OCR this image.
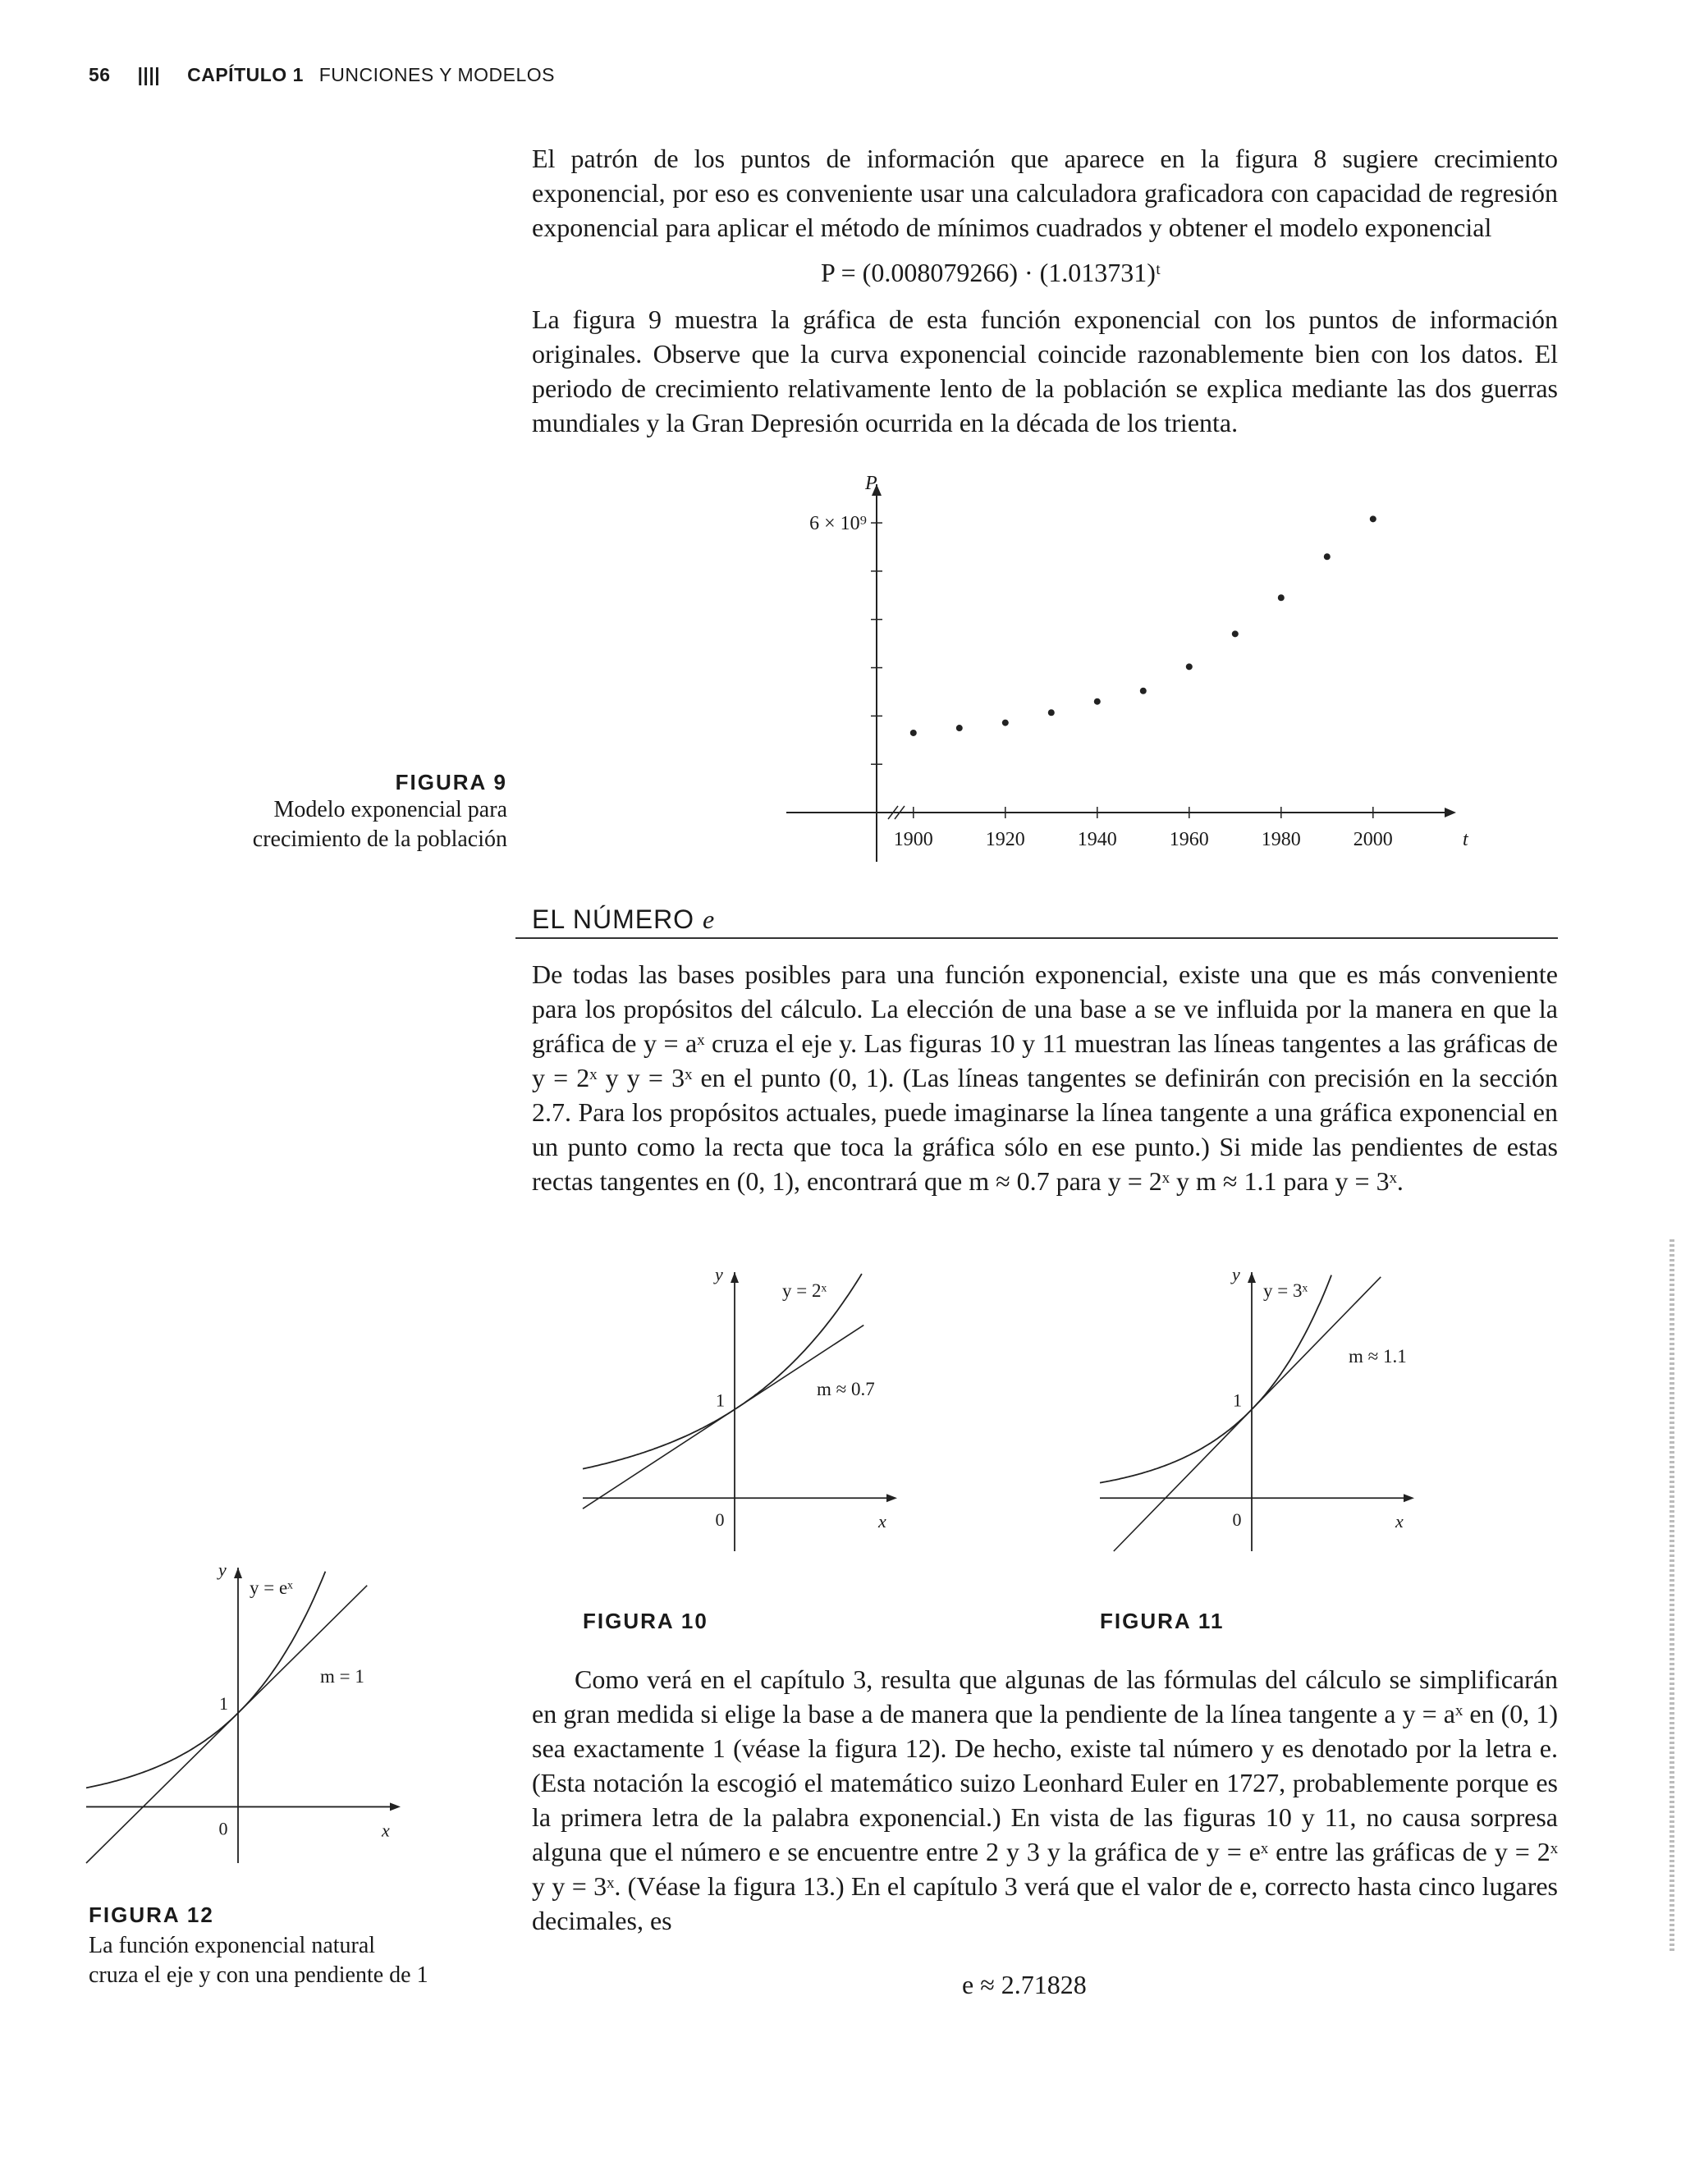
56 |||| CAPÍTULO 1 FUNCIONES Y MODELOS
El patrón de los puntos de información que aparece en la figura 8 sugiere crecimiento exponencial, por eso es conveniente usar una calculadora graficadora con capacidad de regresión exponencial para aplicar el método de mínimos cuadrados y obtener el modelo exponencial
P = (0.008079266) · (1.013731)ᵗ
La figura 9 muestra la gráfica de esta función exponencial con los puntos de información originales. Observe que la curva exponencial coincide razonablemente bien con los datos. El periodo de crecimiento relativamente lento de la población se explica mediante las dos guerras mundiales y la Gran Depresión ocurrida en la década de los trienta.
6 × 10⁹
P
1900	1920	1940	1960	1980	2000	t
FIGURA 9
Modelo exponencial para
crecimiento de la población
EL NÚMERO e
De todas las bases posibles para una función exponencial, existe una que es más conveniente para los propósitos del cálculo. La elección de una base a se ve influida por la manera en que la gráfica de y = aˣ cruza el eje y. Las figuras 10 y 11 muestran las líneas tangentes a las gráficas de y = 2ˣ y y = 3ˣ en el punto (0, 1). (Las líneas tangentes se definirán con precisión en la sección 2.7. Para los propósitos actuales, puede imaginarse la línea tangente a una gráfica exponencial en un punto como la recta que toca la gráfica sólo en ese punto.) Si mide las pendientes de estas rectas tangentes en (0, 1), encontrará que m ≈ 0.7 para y = 2ˣ y m ≈ 1.1 para y = 3ˣ.
y
x
0
1
y = 2ˣ
m ≈ 0.7
FIGURA 10
y
x
0
1
y = 3ˣ
m ≈ 1.1
FIGURA 11
y
x
0
1
y = eˣ
m = 1
FIGURA 12
La función exponencial natural
cruza el eje y con una pendiente de 1
Como verá en el capítulo 3, resulta que algunas de las fórmulas del cálculo se simplificarán en gran medida si elige la base a de manera que la pendiente de la línea tangente a y = aˣ en (0, 1) sea exactamente 1 (véase la figura 12). De hecho, existe tal número y es denotado por la letra e. (Esta notación la escogió el matemático suizo Leonhard Euler en 1727, probablemente porque es la primera letra de la palabra exponencial.) En vista de las figuras 10 y 11, no causa sorpresa alguna que el número e se encuentre entre 2 y 3 y la gráfica de y = eˣ entre las gráficas de y = 2ˣ y y = 3ˣ. (Véase la figura 13.) En el capítulo 3 verá que el valor de e, correcto hasta cinco lugares decimales, es
e ≈ 2.71828
